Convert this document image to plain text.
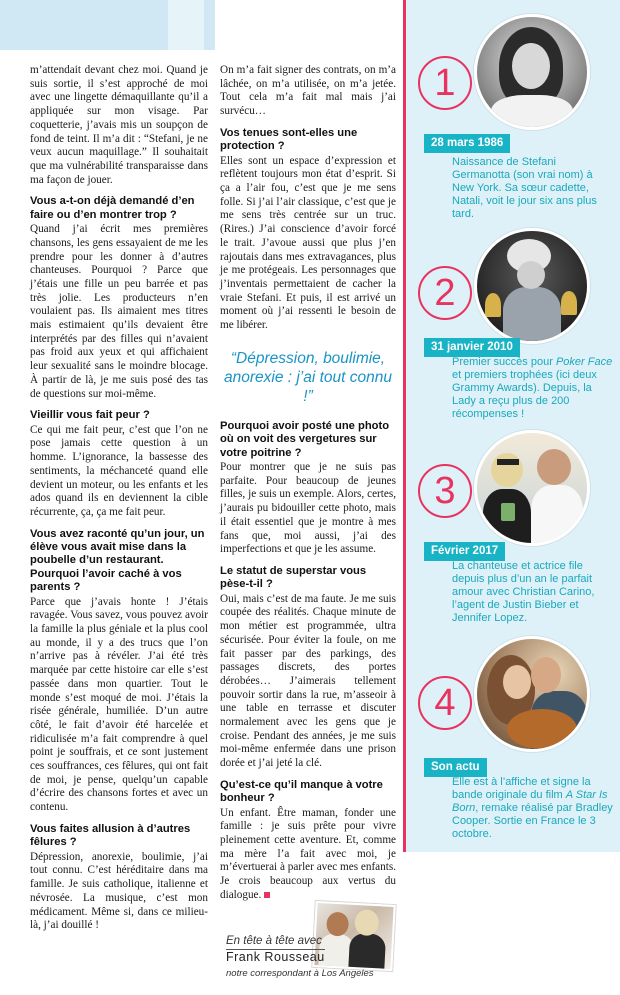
m’attendait devant chez moi. Quand je suis sortie, il s’est approché de moi avec une lingette démaquillante qu’il a appliquée sur mon visage. Par coquetterie, j’avais mis un soupçon de fond de teint. Il m’a dit : “Stefani, je ne veux aucun maquillage.” Il souhaitait que ma vulnérabilité transparaisse dans ma façon de jouer.

Vous a-t-on déjà demandé d’en faire ou d’en montrer trop ?

Quand j’ai écrit mes premières chansons, les gens essayaient de me les prendre pour les donner à d’autres chanteuses. Pourquoi ? Parce que j’étais une fille un peu barrée et pas très jolie. Les producteurs n’en voulaient pas. Ils aimaient mes titres mais estimaient qu’ils devaient être interprétés par des filles qui n’avaient pas froid aux yeux et qui affichaient leur sexualité sans le moindre blocage. À partir de là, je me suis posé des tas de questions sur moi-même.

Vieillir vous fait peur ?

Ce qui me fait peur, c’est que l’on ne pose jamais cette question à un homme. L’ignorance, la bassesse des sentiments, la méchanceté quand elle devient un moteur, ou les enfants et les ados quand ils en deviennent la cible récurrente, ça, ça me fait peur.

Vous avez raconté qu’un jour, un élève vous avait mise dans la poubelle d’un restaurant. Pourquoi l’avoir caché à vos parents ?

Parce que j’avais honte ! J’étais ravagée. Vous savez, vous pouvez avoir la famille la plus géniale et la plus cool au monde, il y a des trucs que l’on n’arrive pas à révéler. J’ai été très marquée par cette histoire car elle s’est passée dans mon quartier. Tout le monde s’est moqué de moi. J’étais la risée générale, humiliée. D’un autre côté, le fait d’avoir été harcelée et ridiculisée m’a fait comprendre à quel point je souffrais, et ce sont justement ces souffrances, ces fêlures, qui ont fait de moi, je pense, quelqu’un capable d’écrire des chansons fortes et avec un contenu.

Vous faites allusion à d’autres fêlures ?

Dépression, anorexie, boulimie, j’ai tout connu. C’est héréditaire dans ma famille. Je suis catholique, italienne et névrosée. La musique, c’est mon médicament. Même si, dans ce milieu-là, j’ai douillé !

On m’a fait signer des contrats, on m’a lâchée, on m’a utilisée, on m’a jetée. Tout cela m’a fait mal mais j’ai survécu…

Vos tenues sont-elles une protection ?

Elles sont un espace d’expression et reflètent toujours mon état d’esprit. Si ça a l’air fou, c’est que je me sens folle. Si j’ai l’air classique, c’est que je me sens très centrée sur un truc. (Rires.) J’ai conscience d’avoir forcé le trait. J’avoue aussi que plus j’en rajoutais dans mes extravagances, plus je me protégeais. Les personnages que j’inventais permettaient de cacher la vraie Stefani. Et puis, il est arrivé un moment où j’ai ressenti le besoin de me libérer.

“Dépression, boulimie, anorexie : j’ai tout connu !”
Pourquoi avoir posté une photo où on voit des vergetures sur votre poitrine ?

Pour montrer que je ne suis pas parfaite. Pour beaucoup de jeunes filles, je suis un exemple. Alors, certes, j’aurais pu bidouiller cette photo, mais il était essentiel que je montre à mes fans que, moi aussi, j’ai des imperfections et que je les assume.

Le statut de superstar vous pèse-t-il ?

Oui, mais c’est de ma faute. Je me suis coupée des réalités. Chaque minute de mon métier est programmée, ultra sécurisée. Pour éviter la foule, on me fait passer par des parkings, des passages discrets, des portes dérobées… J’aimerais tellement pouvoir sortir dans la rue, m’asseoir à une table en terrasse et discuter normalement avec les gens que je croise. Pendant des années, je me suis moi-même enfermée dans une prison dorée et j’ai jeté la clé.

Qu’est-ce qu’il manque à votre bonheur ?

Un enfant. Être maman, fonder une famille : je suis prête pour vivre pleinement cette aventure. Et, comme ma mère l’a fait avec moi, je m’évertuerai à parler avec mes enfants. Je crois beaucoup aux vertus du dialogue.

En tête à tête avec
Frank Rousseau
notre correspondant à Los Angeles
1
28 mars 1986
Naissance de Stefani Germanotta (son vrai nom) à New York. Sa sœur cadette, Natali, voit le jour six ans plus tard.
2
31 janvier 2010
Premier succès pour Poker Face et premiers trophées (ici deux Grammy Awards). Depuis, la Lady a reçu plus de 200 récompenses !
3
Février 2017
La chanteuse et actrice file depuis plus d’un an le parfait amour avec Christian Carino, l’agent de Justin Bieber et Jennifer Lopez.
4
Son actu
Elle est à l’affiche et signe la bande originale du film A Star Is Born, remake réalisé par Bradley Cooper. Sortie en France le 3 octobre.
